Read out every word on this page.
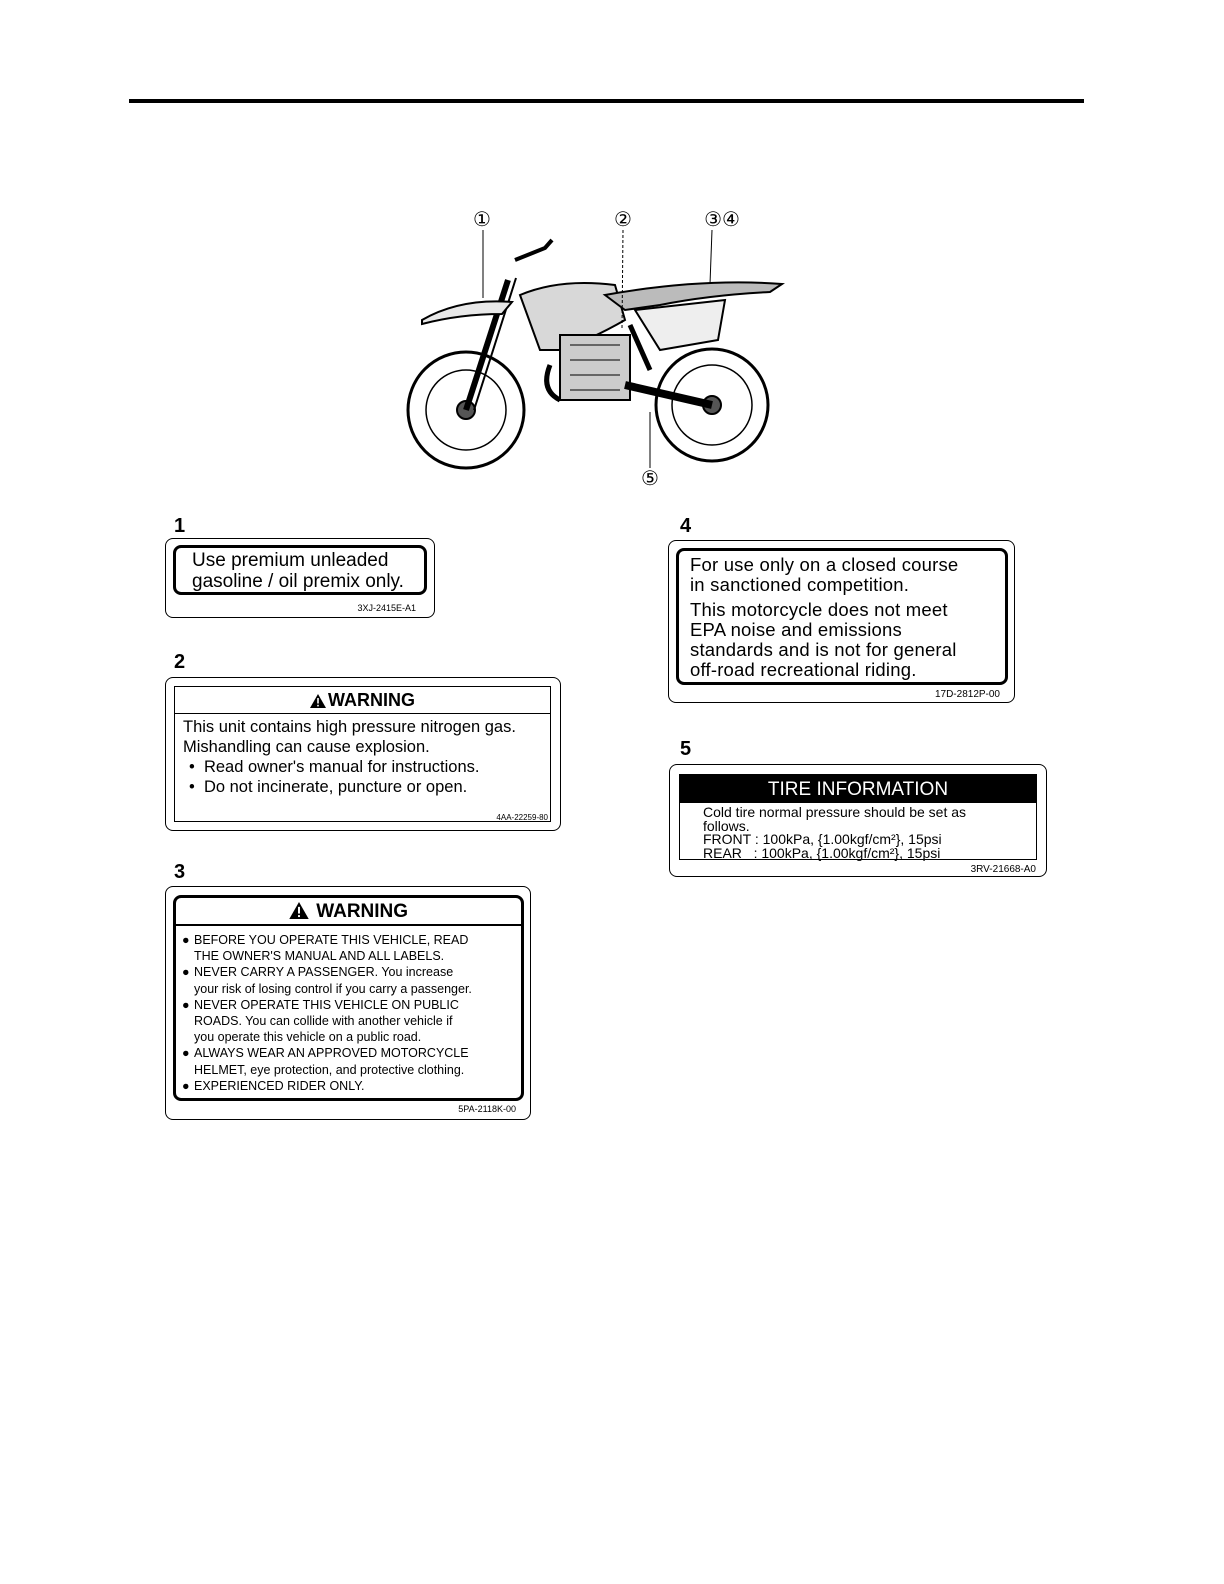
①	②	③④
⑤
1
Use premium unleaded
gasoline / oil premix only.
3XJ-2415E-A1
2
WARNING
This unit contains high pressure nitrogen gas.
Mishandling can cause explosion.
•  Read owner's manual for instructions.
•  Do not incinerate, puncture or open.
4AA-22259-80
3
WARNING
● BEFORE YOU OPERATE THIS VEHICLE, READ
THE OWNER'S MANUAL AND ALL LABELS.
● NEVER CARRY A PASSENGER. You increase
your risk of losing control if you carry a passenger.
● NEVER OPERATE THIS VEHICLE ON PUBLIC
ROADS. You can collide with another vehicle if
you operate this vehicle on a public road.
● ALWAYS WEAR AN APPROVED MOTORCYCLE
HELMET, eye protection, and protective clothing.
● EXPERIENCED RIDER ONLY.
5PA-2118K-00
4
For use only on a closed course
in sanctioned competition.
This motorcycle does not meet
EPA noise and emissions
standards and is not for general
off-road recreational riding.
17D-2812P-00
5
TIRE INFORMATION
Cold tire normal pressure should be set as
follows.
FRONT : 100kPa, {1.00kgf/cm²}, 15psi
REAR   : 100kPa, {1.00kgf/cm²}, 15psi
3RV-21668-A0
